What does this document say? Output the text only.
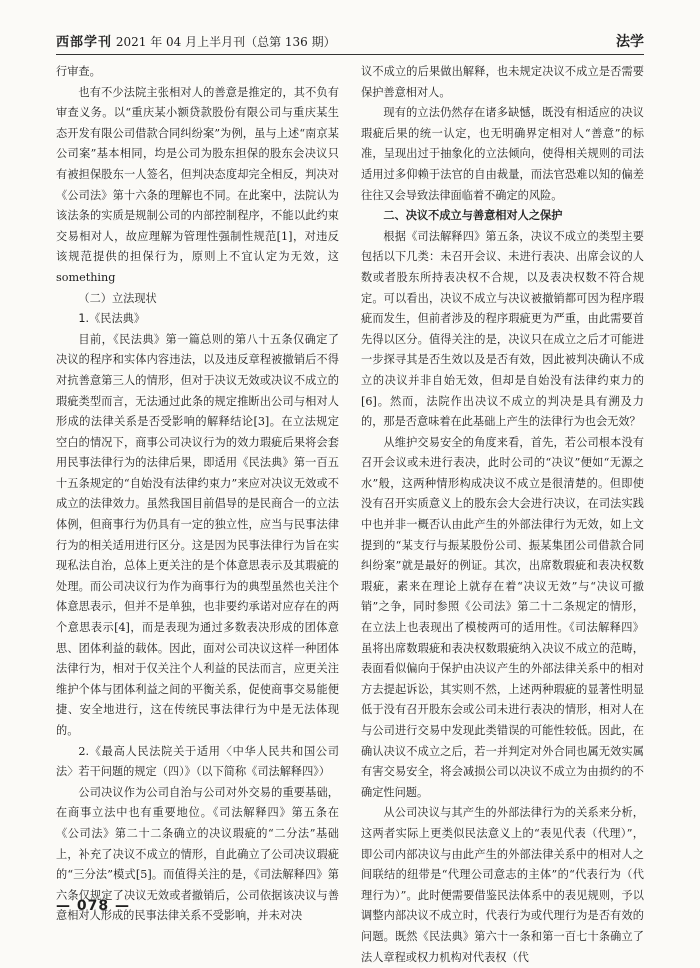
西部学刊 2021 年 04 月上半月刊（总第 136 期）	法学

行审查。

也有不少法院主张相对人的善意是推定的，其不负有审查义务。以“重庆某小额贷款股份有限公司与重庆某生态开发有限公司借款合同纠纷案”为例，虽与上述“南京某公司案”基本相同，均是公司为股东担保的股东会决议只有被担保股东一人签名，但判决态度却完全相反，判决对《公司法》第十六条的理解也不同。在此案中，法院认为该法条的实质是规制公司的内部控制程序，不能以此约束交易相对人，故应理解为管理性强制性规范[1]，对违反该规范提供的担保行为，原则上不宜认定为无效，这something

（二）立法现状

1.《民法典》

目前，《民法典》第一篇总则的第八十五条仅确定了决议的程序和实体内容违法，以及违反章程被撤销后不得对抗善意第三人的情形，但对于决议无效或决议不成立的瑕疵类型而言，无法通过此条的规定推断出公司与相对人形成的法律关系是否受影响的解释结论[3]。在立法规定空白的情况下，商事公司决议行为的效力瑕疵后果将会套用民事法律行为的法律后果，即适用《民法典》第一百五十五条规定的“自始没有法律约束力”来应对决议无效或不成立的法律效力。虽然我国目前倡导的是民商合一的立法体例，但商事行为仍具有一定的独立性，应当与民事法律行为的相关适用进行区分。这是因为民事法律行为旨在实现私法自治，总体上更关注的是个体意思表示及其瑕疵的处理。而公司决议行为作为商事行为的典型虽然也关注个体意思表示，但并不是单独，也非要约承诺对应存在的两个意思表示[4]，而是表现为通过多数表决形成的团体意思、团体利益的载体。因此，面对公司决议这样一种团体法律行为，相对于仅关注个人利益的民法而言，应更关注维护个体与团体利益之间的平衡关系，促使商事交易能便捷、安全地进行，这在传统民事法律行为中是无法体现的。

2.《最高人民法院关于适用〈中华人民共和国公司法〉若干问题的规定（四）》（以下简称《司法解释四》）

公司决议作为公司自治与公司对外交易的重要基础，在商事立法中也有重要地位。《司法解释四》第五条在《公司法》第二十二条确立的决议瑕疵的“二分法”基础上，补充了决议不成立的情形，自此确立了公司决议瑕疵的“三分法”模式[5]。而值得关注的是，《司法解释四》第六条仅规定了决议无效或者撤销后，公司依据该决议与善意相对人形成的民事法律关系不受影响，并未对决

议不成立的后果做出解释，也未规定决议不成立是否需要保护善意相对人。

现有的立法仍然存在诸多缺憾，既没有相适应的决议瑕疵后果的统一认定，也无明确界定相对人“善意”的标准，呈现出过于抽象化的立法倾向，使得相关规则的司法适用过多仰赖于法官的自由裁量，而法官恐难以知的偏差往往又会导致法律面临着不确定的风险。

二、决议不成立与善意相对人之保护

根据《司法解释四》第五条，决议不成立的类型主要包括以下几类：未召开会议、未进行表决、出席会议的人数或者股东所持表决权不合规，以及表决权数不符合规定。可以看出，决议不成立与决议被撤销都可因为程序瑕疵而发生，但前者涉及的程序瑕疵更为严重，由此需要首先得以区分。值得关注的是，决议只在成立之后才可能进一步探寻其是否生效以及是否有效，因此被判决确认不成立的决议并非自始无效，但却是自始没有法律约束力的[6]。然而，法院作出决议不成立的判决是具有溯及力的，那是否意味着在此基础上产生的法律行为也会无效？

从维护交易安全的角度来看，首先，若公司根本没有召开会议或未进行表决，此时公司的“决议”便如“无源之水”般，这两种情形构成决议不成立是很清楚的。但即使没有召开实质意义上的股东会大会进行决议，在司法实践中也并非一概否认由此产生的外部法律行为无效，如上文提到的“某支行与振某股份公司、振某集团公司借款合同纠纷案”就是最好的例证。其次，出席数瑕疵和表决权数瑕疵，素来在理论上就存在着“决议无效”与“决议可撤销”之争，同时参照《公司法》第二十二条规定的情形，在立法上也表现出了模棱两可的适用性。《司法解释四》虽将出席数瑕疵和表决权数瑕疵纳入决议不成立的范畴，表面看似偏向于保护由决议产生的外部法律关系中的相对方去提起诉讼，其实则不然，上述两种瑕疵的显著性明显低于没有召开股东会或公司未进行表决的情形，相对人在与公司进行交易中发现此类错误的可能性较低。因此，在确认决议不成立之后，若一并判定对外合同也属无效实属有害交易安全，将会减损公司以决议不成立为由损约的不确定性问题。

从公司决议与其产生的外部法律行为的关系来分析，这两者实际上更类似民法意义上的“表见代表（代理）”，即公司内部决议与由此产生的外部法律关系中的相对人之间联结的纽带是“代理公司意志的主体”的“代表行为（代理行为）”。此时便需要借鉴民法体系中的表见规则，予以调整内部决议不成立时，代表行为或代理行为是否有效的问题。既然《民法典》第六十一条和第一百七十条确立了法人章程或权力机构对代表权（代

— 078 —
